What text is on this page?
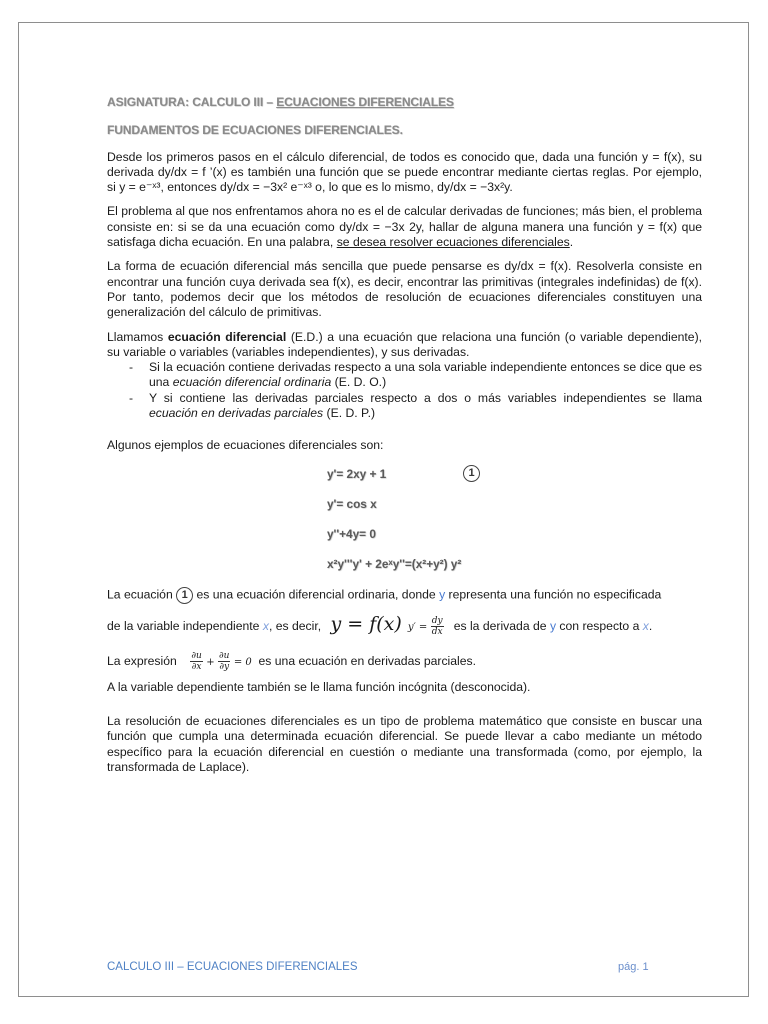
ASIGNATURA: CALCULO III – ECUACIONES DIFERENCIALES

FUNDAMENTOS DE ECUACIONES DIFERENCIALES.

Desde los primeros pasos en el cálculo diferencial, de todos es conocido que, dada una función y = f(x), su derivada dy/dx = f ’(x) es también una función que se puede encontrar mediante ciertas reglas. Por ejemplo, si y = e⁻ˣ³, entonces dy/dx = −3x² e⁻ˣ³ o, lo que es lo mismo, dy/dx = −3x²y.

El problema al que nos enfrentamos ahora no es el de calcular derivadas de funciones; más bien, el problema consiste en: si se da una ecuación como dy/dx = −3x 2y, hallar de alguna manera una función y = f(x) que satisfaga dicha ecuación. En una palabra, se desea resolver ecuaciones diferenciales.

La forma de ecuación diferencial más sencilla que puede pensarse es dy/dx = f(x). Resolverla consiste en encontrar una función cuya derivada sea f(x), es decir, encontrar las primitivas (integrales indefinidas) de f(x). Por tanto, podemos decir que los métodos de resolución de ecuaciones diferenciales constituyen una generalización del cálculo de primitivas.

Llamamos ecuación diferencial (E.D.) a una ecuación que relaciona una función (o variable dependiente), su variable o variables (variables independientes), y sus derivadas.

- Si la ecuación contiene derivadas respecto a una sola variable independiente entonces se dice que es una ecuación diferencial ordinaria (E. D. O.)
- Y si contiene las derivadas parciales respecto a dos o más variables independientes se llama ecuación en derivadas parciales (E. D. P.)

Algunos ejemplos de ecuaciones diferenciales son:

y'= 2xy + 1	1
y'= cos x
y''+4y= 0
x²y'''y' + 2eˣy''=(x²+y²) y²

La ecuación 1 es una ecuación diferencial ordinaria, donde y representa una función no especificada

de la variable independiente x, es decir, y = f(x) $y' = \frac{dy}{dx}$ es la derivada de y con respecto a x.

La expresión $\frac{\partial u}{\partial x} + \frac{\partial u}{\partial y} = 0$ es una ecuación en derivadas parciales.

A la variable dependiente también se le llama función incógnita (desconocida).

La resolución de ecuaciones diferenciales es un tipo de problema matemático que consiste en buscar una función que cumpla una determinada ecuación diferencial. Se puede llevar a cabo mediante un método específico para la ecuación diferencial en cuestión o mediante una transformada (como, por ejemplo, la transformada de Laplace).

CALCULO III – ECUACIONES DIFERENCIALES	pág. 1
